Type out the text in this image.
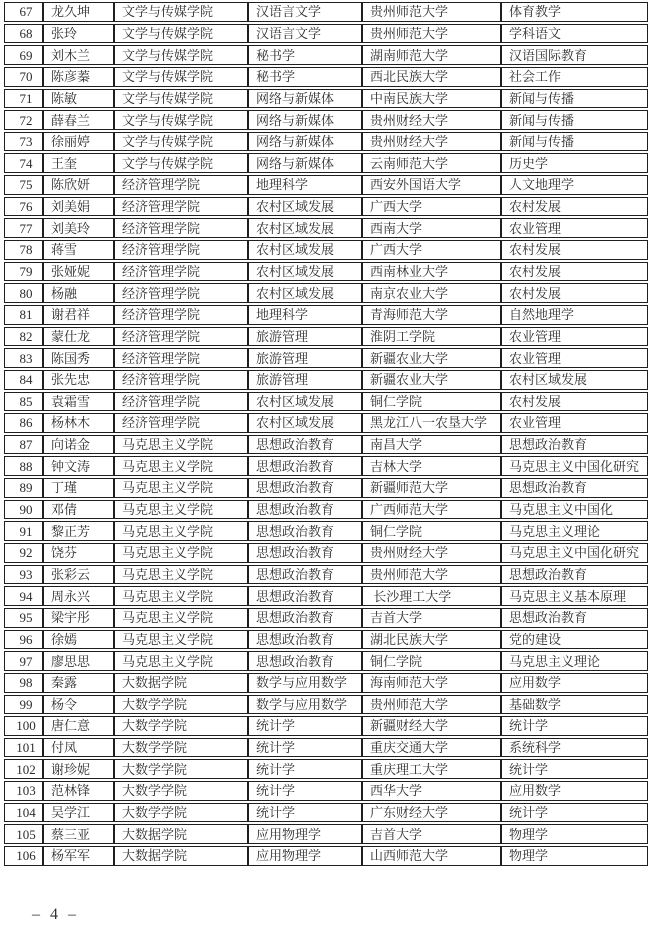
67	龙久坤	文学与传媒学院	汉语言文学	贵州师范大学	体育教学
68	张玲	文学与传媒学院	汉语言文学	贵州师范大学	学科语文
69	刘木兰	文学与传媒学院	秘书学	湖南师范大学	汉语国际教育
70	陈彦蓁	文学与传媒学院	秘书学	西北民族大学	社会工作
71	陈敏	文学与传媒学院	网络与新媒体	中南民族大学	新闻与传播
72	薛春兰	文学与传媒学院	网络与新媒体	贵州财经大学	新闻与传播
73	徐丽婷	文学与传媒学院	网络与新媒体	贵州财经大学	新闻与传播
74	王奎	文学与传媒学院	网络与新媒体	云南师范大学	历史学
75	陈欣妍	经济管理学院	地理科学	西安外国语大学	人文地理学
76	刘美娟	经济管理学院	农村区域发展	广西大学	农村发展
77	刘美玲	经济管理学院	农村区域发展	西南大学	农业管理
78	蒋雪	经济管理学院	农村区域发展	广西大学	农村发展
79	张娅妮	经济管理学院	农村区域发展	西南林业大学	农村发展
80	杨融	经济管理学院	农村区域发展	南京农业大学	农村发展
81	谢君祥	经济管理学院	地理科学	青海师范大学	自然地理学
82	蒙仕龙	经济管理学院	旅游管理	淮阴工学院	农业管理
83	陈国秀	经济管理学院	旅游管理	新疆农业大学	农业管理
84	张先忠	经济管理学院	旅游管理	新疆农业大学	农村区域发展
85	袁霜雪	经济管理学院	农村区域发展	铜仁学院	农村发展
86	杨林木	经济管理学院	农村区域发展	黑龙江八一农垦大学	农业管理
87	向诺金	马克思主义学院	思想政治教育	南昌大学	思想政治教育
88	钟文涛	马克思主义学院	思想政治教育	吉林大学	马克思主义中国化研究
89	丁瑾	马克思主义学院	思想政治教育	新疆师范大学	思想政治教育
90	邓倩	马克思主义学院	思想政治教育	广西师范大学	马克思主义中国化
91	黎正芳	马克思主义学院	思想政治教育	铜仁学院	马克思主义理论
92	饶芬	马克思主义学院	思想政治教育	贵州财经大学	马克思主义中国化研究
93	张彩云	马克思主义学院	思想政治教育	贵州师范大学	思想政治教育
94	周永兴	马克思主义学院	思想政治教育	长沙理工大学	马克思主义基本原理
95	梁宇彤	马克思主义学院	思想政治教育	吉首大学	思想政治教育
96	徐嫣	马克思主义学院	思想政治教育	湖北民族大学	党的建设
97	廖思思	马克思主义学院	思想政治教育	铜仁学院	马克思主义理论
98	秦露	大数据学院	数学与应用数学	海南师范大学	应用数学
99	杨令	大数学学院	数学与应用数学	贵州师范大学	基础数学
100	唐仁意	大数学学院	统计学	新疆财经大学	统计学
101	付凤	大数学学院	统计学	重庆交通大学	系统科学
102	谢珍妮	大数学学院	统计学	重庆理工大学	统计学
103	范林锋	大数学学院	统计学	西华大学	应用数学
104	吴学江	大数学学院	统计学	广东财经大学	统计学
105	蔡三亚	大数据学院	应用物理学	吉首大学	物理学
106	杨军军	大数据学院	应用物理学	山西师范大学	物理学
– 4 –
